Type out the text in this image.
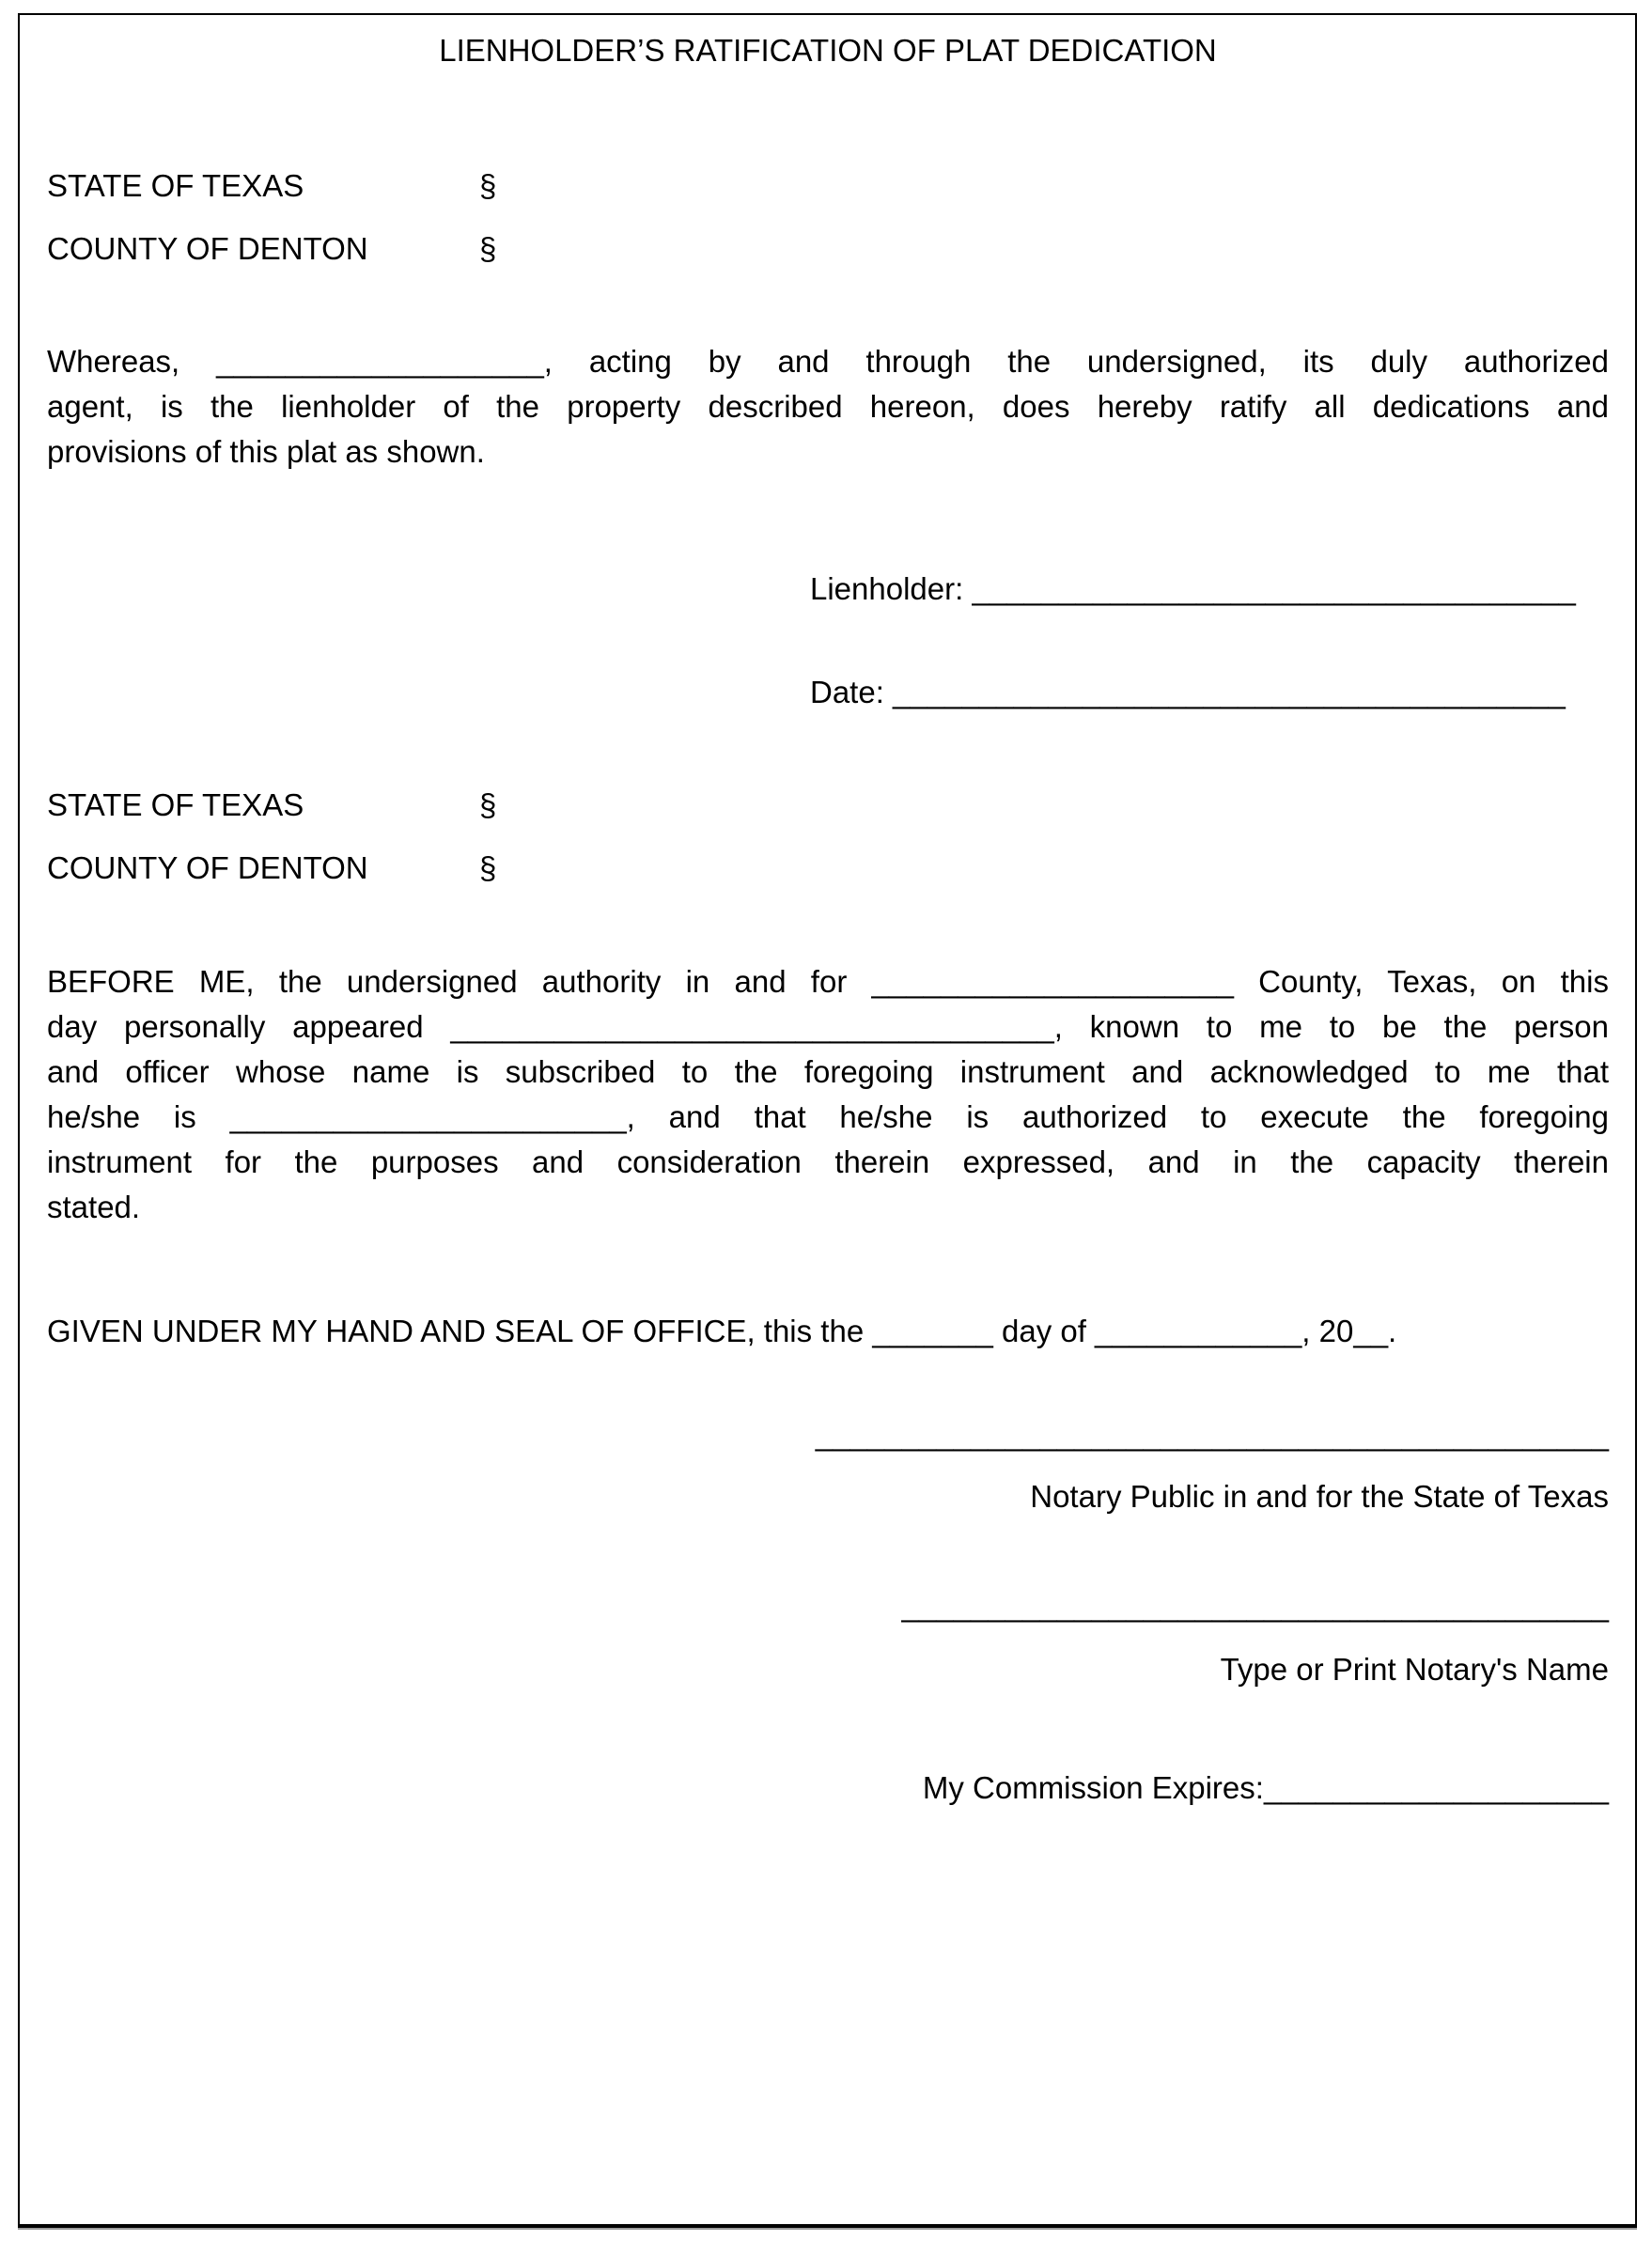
LIENHOLDER’S RATIFICATION OF PLAT DEDICATION
STATE OF TEXAS	§
COUNTY OF DENTON	§
Whereas, ___________________, acting by and through the undersigned, its duly authorized
agent, is the lienholder of the property described hereon, does hereby ratify all dedications and
provisions of this plat as shown.
Lienholder: ___________________________________
Date: _______________________________________
STATE OF TEXAS	§
COUNTY OF DENTON	§
BEFORE ME, the undersigned authority in and for _____________________ County, Texas, on this
day personally appeared ___________________________________, known to me to be the person
and officer whose name is subscribed to the foregoing instrument and acknowledged to me that
he/she is _______________________, and that he/she is authorized to execute the foregoing
instrument for the purposes and consideration therein expressed, and in the capacity therein
stated.
GIVEN UNDER MY HAND AND SEAL OF OFFICE, this the _______ day of ____________, 20__.
______________________________________________
Notary Public in and for the State of Texas
_________________________________________
Type or Print Notary's Name
My Commission Expires:____________________
